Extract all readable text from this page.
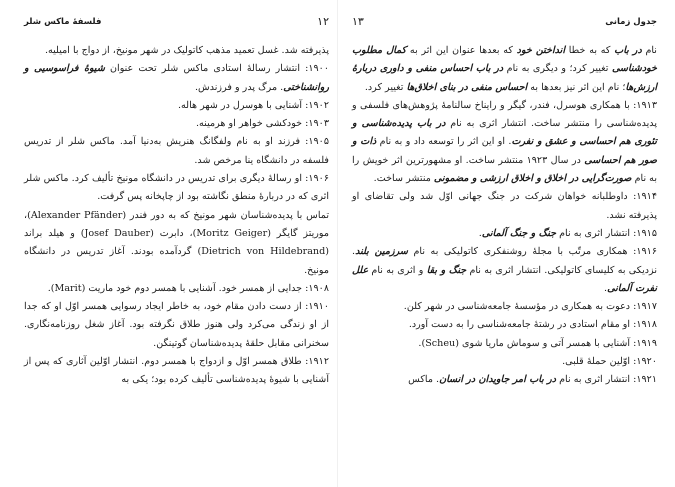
فلسفهٔ ماکس شلر	۱۲

پذیرفته شد. غسل تعمید مذهب کاتولیک در شهر مونیخ، از دواج با امیلیه.

۱۹۰۰: انتشار رسالهٔ استادی ماکس شلر تحت عنوان شیوهٔ فراسوسیی و روانشناختی. مرگ پدر و فرزندش.

۱۹۰۲: آشنایی با هوسرل در شهر هاله.

۱۹۰۳: خودکشی خواهر او هرمینه.

۱۹۰۵: فرزند او به نام ولفگانگ هنریش به‌دنیا آمد. ماکس شلر از تدریس فلسفه در دانشگاه ینا مرخص شد.

۱۹۰۶: او رسالهٔ دیگری برای تدریس در دانشگاه مونیخ تألیف کرد. ماکس شلر اثری که در دربارهٔ منطق نگاشته بود از چاپخانه پس گرفت.

تماس با پدیده‌شناسان شهر مونیخ که به دور فندر (Alexander Pfänder)، موریتز گایگر (Moritz Geiger)، دابرت (Josef Dauber) و هیلد براند (Dietrich von Hildebrand) گردآمده بودند. آغاز تدریس در دانشگاه مونیخ.

۱۹۰۸: جدایی از همسر خود. آشنایی با همسر دوم خود ماریت (Marit).

۱۹۱۰: از دست دادن مقام خود، به خاطر ایجاد رسوایی همسر اوّل او که جدا از او زندگی می‌کرد ولی هنوز طلاق نگرفته بود. آغاز شغل روزنامه‌نگاری. سخنرانی مقابل حلقهٔ پدیده‌شناسان گوتینگن.

۱۹۱۲: طلاق همسر اوّل و ازدواج با همسر دوم. انتشار اوّلین آثاری که پس از آشنایی با شیوهٔ پدیده‌شناسی تألیف کرده بود؛ یکی به

جدول زمانی
۱۳

نام در باب که به خطا انداختن خود که بعدها عنوان این اثر به کمال مطلوب خودشناسی تغییر کرد؛ و دیگری به نام در باب احساس منفی و داوری دربارهٔ ارزش‌ها؛ نام این اثر نیز بعدها به احساس منفی در بنای اخلاق‌ها تغییر کرد.

۱۹۱۳: با همکاری هوسرل، فندر، گیگر و رایناخ سالنامهٔ پژوهش‌های فلسفی و پدیده‌شناسی را منتشر ساخت. انتشار اثری به نام در باب پدیده‌شناسی و تئوری هم احساسی و عشق و نفرت. او این اثر را توسعه داد و به نام ذات و صور هم احساسی در سال ۱۹۲۳ منتشر ساخت. او مشهورترین اثر خویش را به نام صورت‌گرایی در اخلاق و اخلاق ارزشی و مضمونی منتشر ساخت.

۱۹۱۴: داوطلبانه خواهان شرکت در جنگ جهانی اوّل شد ولی تقاضای او پذیرفته نشد.

۱۹۱۵: انتشار اثری به نام جنگ و جنگ آلمانی.

۱۹۱۶: همکاری مرتّب با مجلهٔ روشنفکری کاتولیکی به نام سرزمین بلند. نزدیکی به کلیسای کاتولیکی. انتشار اثری به نام جنگ و بقا و اثری به نام علل نفرت آلمانی.

۱۹۱۷: دعوت به همکاری در مؤسسهٔ جامعه‌شناسی در شهر کلن.

۱۹۱۸: او مقام استادی در رشتهٔ جامعه‌شناسی را به دست آورد.

۱۹۱۹: آشنایی با همسر آتی و سوماش ماریا شوی (Scheu).

۱۹۲۰: اوّلین حملهٔ قلبی.

۱۹۲۱: انتشار اثری به نام در باب امر جاویدان در انسان. ماکس
